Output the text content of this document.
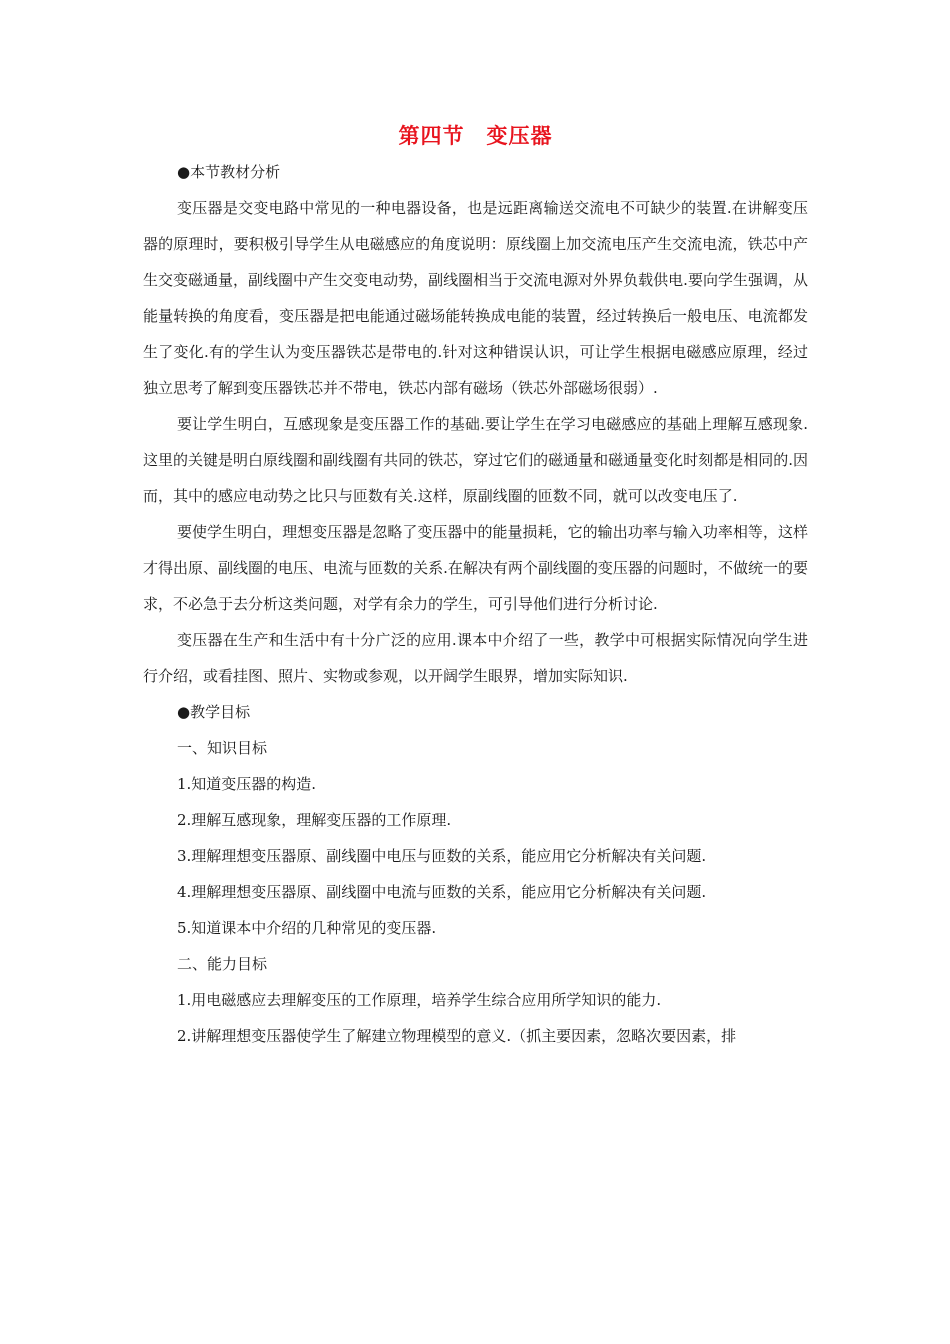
第四节　变压器
●本节教材分析

变压器是交变电路中常见的一种电器设备，也是远距离输送交流电不可缺少的装置.在讲解变压器的原理时，要积极引导学生从电磁感应的角度说明：原线圈上加交流电压产生交流电流，铁芯中产生交变磁通量，副线圈中产生交变电动势，副线圈相当于交流电源对外界负载供电.要向学生强调，从能量转换的角度看，变压器是把电能通过磁场能转换成电能的装置，经过转换后一般电压、电流都发生了变化.有的学生认为变压器铁芯是带电的.针对这种错误认识，可让学生根据电磁感应原理，经过独立思考了解到变压器铁芯并不带电，铁芯内部有磁场（铁芯外部磁场很弱）.

要让学生明白，互感现象是变压器工作的基础.要让学生在学习电磁感应的基础上理解互感现象.这里的关键是明白原线圈和副线圈有共同的铁芯，穿过它们的磁通量和磁通量变化时刻都是相同的.因而，其中的感应电动势之比只与匝数有关.这样，原副线圈的匝数不同，就可以改变电压了.

要使学生明白，理想变压器是忽略了变压器中的能量损耗，它的输出功率与输入功率相等，这样才得出原、副线圈的电压、电流与匝数的关系.在解决有两个副线圈的变压器的问题时，不做统一的要求，不必急于去分析这类问题，对学有余力的学生，可引导他们进行分析讨论.

变压器在生产和生活中有十分广泛的应用.课本中介绍了一些，教学中可根据实际情况向学生进行介绍，或看挂图、照片、实物或参观，以开阔学生眼界，增加实际知识.

●教学目标
一、知识目标
1.知道变压器的构造.
2.理解互感现象，理解变压器的工作原理.
3.理解理想变压器原、副线圈中电压与匝数的关系，能应用它分析解决有关问题.
4.理解理想变压器原、副线圈中电流与匝数的关系，能应用它分析解决有关问题.
5.知道课本中介绍的几种常见的变压器.
二、能力目标
1.用电磁感应去理解变压的工作原理，培养学生综合应用所学知识的能力.
2.讲解理想变压器使学生了解建立物理模型的意义.（抓主要因素，忽略次要因素，排
